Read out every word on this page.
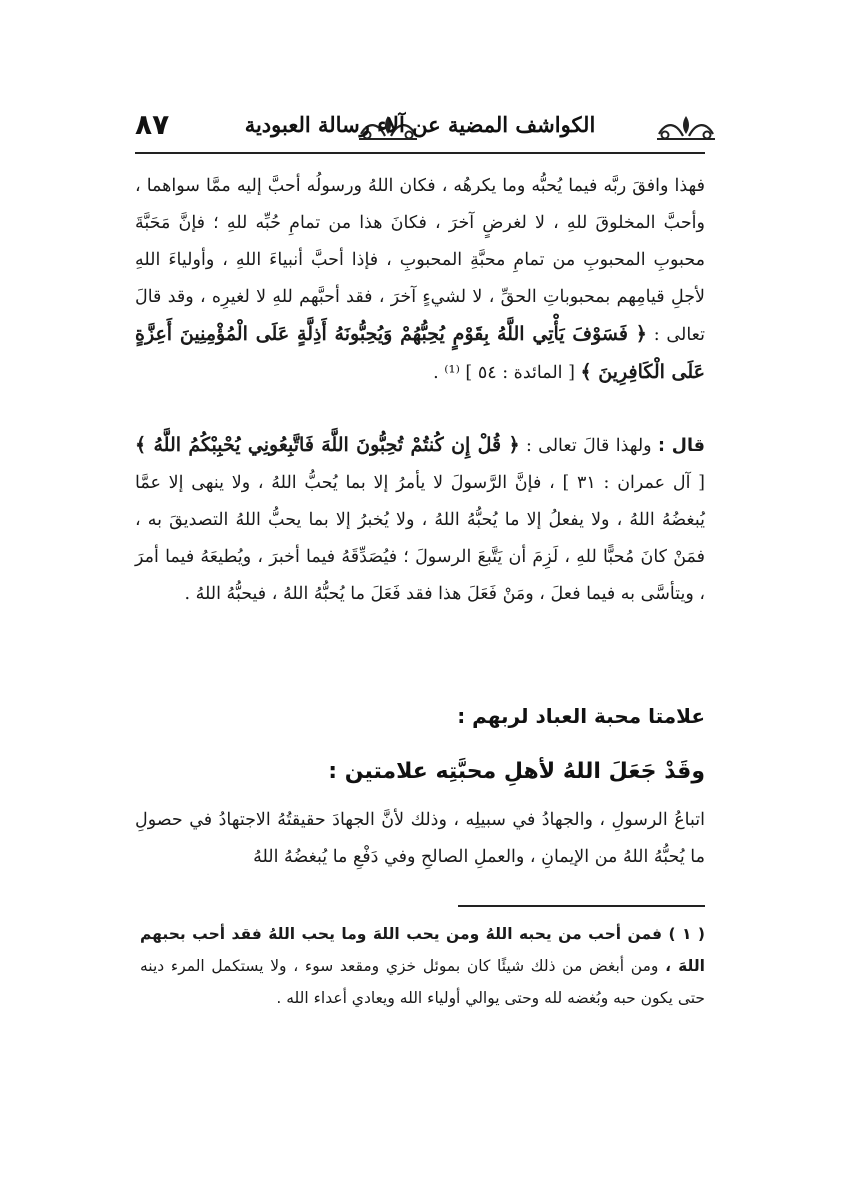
٨٧	الكواشف المضية عن آلاء رسالة العبودية

فهذا وافقَ ربَّه فيما يُحبُّه وما يكرهُه ، فكان اللهُ ورسولُه أحبَّ إليه ممَّا سواهما ، وأحبَّ المخلوقَ للهِ ، لا لغرضٍ آخرَ ، فكانَ هذا من تمامِ حُبِّه للهِ ؛ فإنَّ مَحَبَّةَ محبوبِ المحبوبِ من تمامِ محبَّةِ المحبوبِ ، فإذا أحبَّ أنبياءَ اللهِ ، وأولياءَ اللهِ لأجلِ قيامِهم بمحبوباتِ الحقِّ ، لا لشيءٍ آخرَ ، فقد أحبَّهم للهِ لا لغيرِه ، وقد قالَ تعالى : ﴿ فَسَوْفَ يَأْتِي اللَّهُ بِقَوْمٍ يُحِبُّهُمْ وَيُحِبُّونَهُ أَذِلَّةٍ عَلَى الْمُؤْمِنِينَ أَعِزَّةٍ عَلَى الْكَافِرِينَ ﴾ [ المائدة : ٥٤ ] ⁽¹⁾ .

قال : ولهذا قالَ تعالى : ﴿ قُلْ إِن كُنتُمْ تُحِبُّونَ اللَّهَ فَاتَّبِعُونِي يُحْبِبْكُمُ اللَّهُ ﴾ [ آل عمران : ٣١ ] ، فإنَّ الرَّسولَ لا يأمرُ إلا بما يُحبُّ اللهُ ، ولا ينهى إلا عمَّا يُبغضُهُ اللهُ ، ولا يفعلُ إلا ما يُحبُّهُ اللهُ ، ولا يُخبرُ إلا بما يحبُّ اللهُ التصديقَ به ، فمَنْ كانَ مُحبًّا للهِ ، لَزِمَ أن يَتَّبعَ الرسولَ ؛ فيُصَدِّقَهُ فيما أخبرَ ، ويُطيعَهُ فيما أمرَ ، ويتأسَّى به فيما فعلَ ، ومَنْ فَعَلَ هذا فقد فَعَلَ ما يُحبُّهُ اللهُ ، فيحبُّهُ اللهُ .

علامتا محبة العباد لربهم :
وقَدْ جَعَلَ اللهُ لأهلِ محبَّتِه علامتين :

اتباعُ الرسولِ ، والجهادُ في سبيلِه ، وذلك لأنَّ الجهادَ حقيقتُهُ الاجتهادُ في حصولِ ما يُحبُّهُ اللهُ من الإيمانِ ، والعملِ الصالحِ وفي دَفْعِ ما يُبغضُهُ اللهُ

( ١ ) فمن أحب من يحبه اللهُ ومن يحب اللهَ وما يحب اللهُ فقد أحب بحبهم اللهَ ، ومن أبغض من ذلك شيئًا كان بموئل خزي ومقعد سوء ، ولا يستكمل المرء دينه حتى يكون حبه وبُغضه لله وحتى يوالي أولياء الله ويعادي أعداء الله .
